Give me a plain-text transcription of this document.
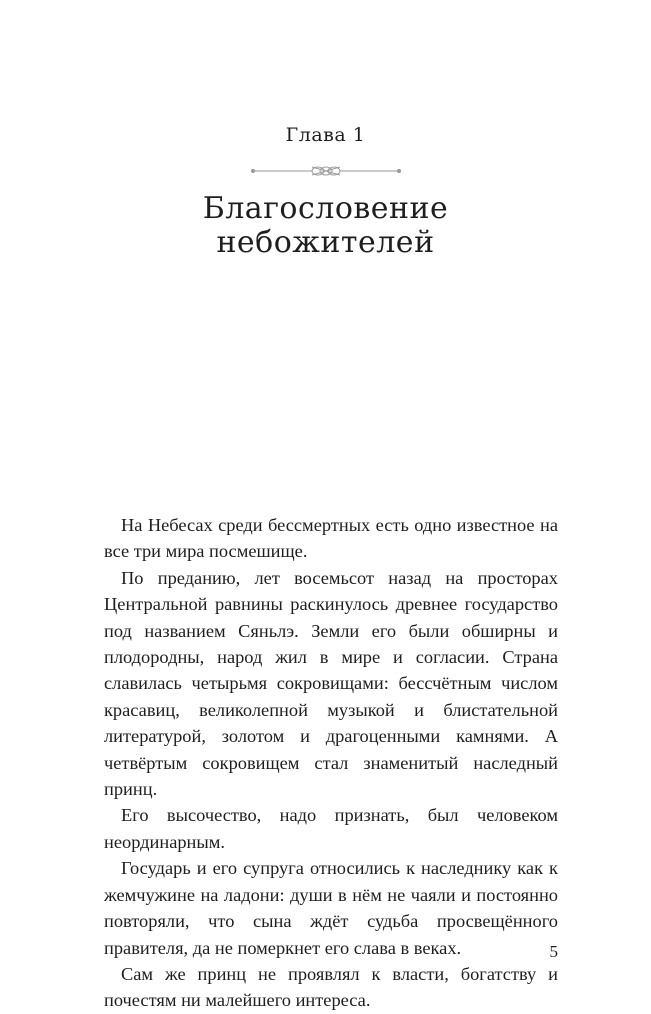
Глава 1
Благословение
небожителей

На Небесах среди бессмертных есть одно известное на все три мира посмешище.

По преданию, лет восемьсот назад на просторах Центральной равнины раскинулось древнее государство под названием Сяньлэ. Земли его были обширны и плодородны, народ жил в мире и согласии. Страна славилась четырьмя сокровищами: бессчётным числом красавиц, великолепной музыкой и блистательной литературой, золотом и драгоценными камнями. А четвёртым сокровищем стал знаменитый наследный принц.

Его высочество, надо признать, был человеком неординарным.

Государь и его супруга относились к наследнику как к жемчужине на ладони: души в нём не чаяли и постоянно повторяли, что сына ждёт судьба просвещённого правителя, да не померкнет его слава в веках.

Сам же принц не проявлял к власти, богатству и почестям ни малейшего интереса.

5
